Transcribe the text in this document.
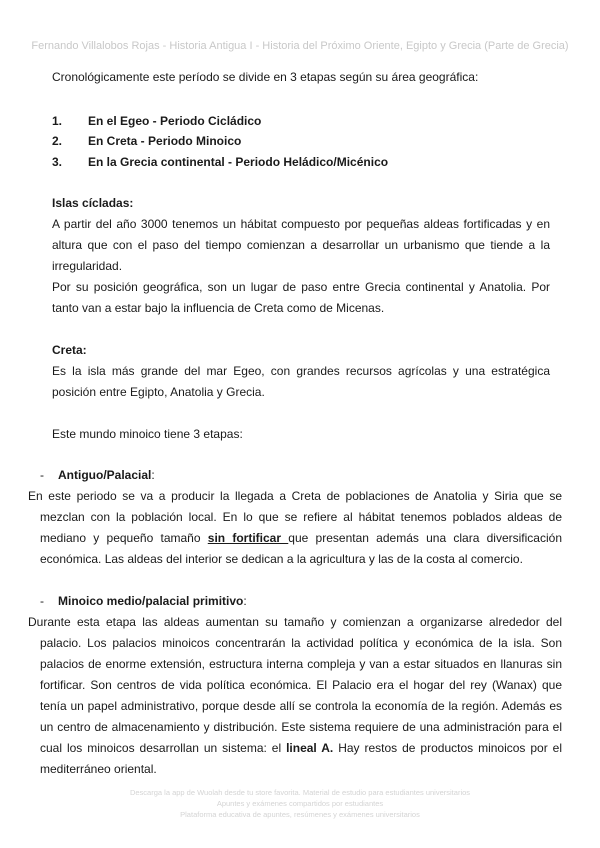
Fernando Villalobos Rojas - Historia Antigua I - Historia del Próximo Oriente, Egipto y Grecia (Parte de Grecia)

Cronológicamente este período se divide en 3 etapas según su área geográfica:

1.	En el Egeo - Periodo Cicládico
2.	En Creta - Periodo Minoico
3.	En la Grecia continental - Periodo Heládico/Micénico

Islas cícladas:

A partir del año 3000 tenemos un hábitat compuesto por pequeñas aldeas fortificadas y en altura que con el paso del tiempo comienzan a desarrollar un urbanismo que tiende a la irregularidad.

Por su posición geográfica, son un lugar de paso entre Grecia continental y Anatolia. Por tanto van a estar bajo la influencia de Creta como de Micenas.

Creta:

Es la isla más grande del mar Egeo, con grandes recursos agrícolas y una estratégica posición entre Egipto, Anatolia y Grecia.

Este mundo minoico tiene 3 etapas:

-	Antiguo/Palacial:

En este periodo se va a producir la llegada a Creta de poblaciones de Anatolia y Siria que se mezclan con la población local. En lo que se refiere al hábitat tenemos poblados aldeas de mediano y pequeño tamaño sin fortificar que presentan además una clara diversificación económica. Las aldeas del interior se dedican a la agricultura y las de la costa al comercio.

-	Minoico medio/palacial primitivo:

Durante esta etapa las aldeas aumentan su tamaño y comienzan a organizarse alrededor del palacio. Los palacios minoicos concentrarán la actividad política y económica de la isla. Son palacios de enorme extensión, estructura interna compleja y van a estar situados en llanuras sin fortificar. Son centros de vida política económica. El Palacio era el hogar del rey (Wanax) que tenía un papel administrativo, porque desde allí se controla la economía de la región. Además es un centro de almacenamiento y distribución. Este sistema requiere de una administración para el cual los minoicos desarrollan un sistema: el lineal A. Hay restos de productos minoicos por el mediterráneo oriental.

Descarga la app de Wuolah desde tu store favorita. Material de estudio para estudiantes universitarios
Apuntes y exámenes compartidos por estudiantes
Plataforma educativa de apuntes, resúmenes y exámenes universitarios
